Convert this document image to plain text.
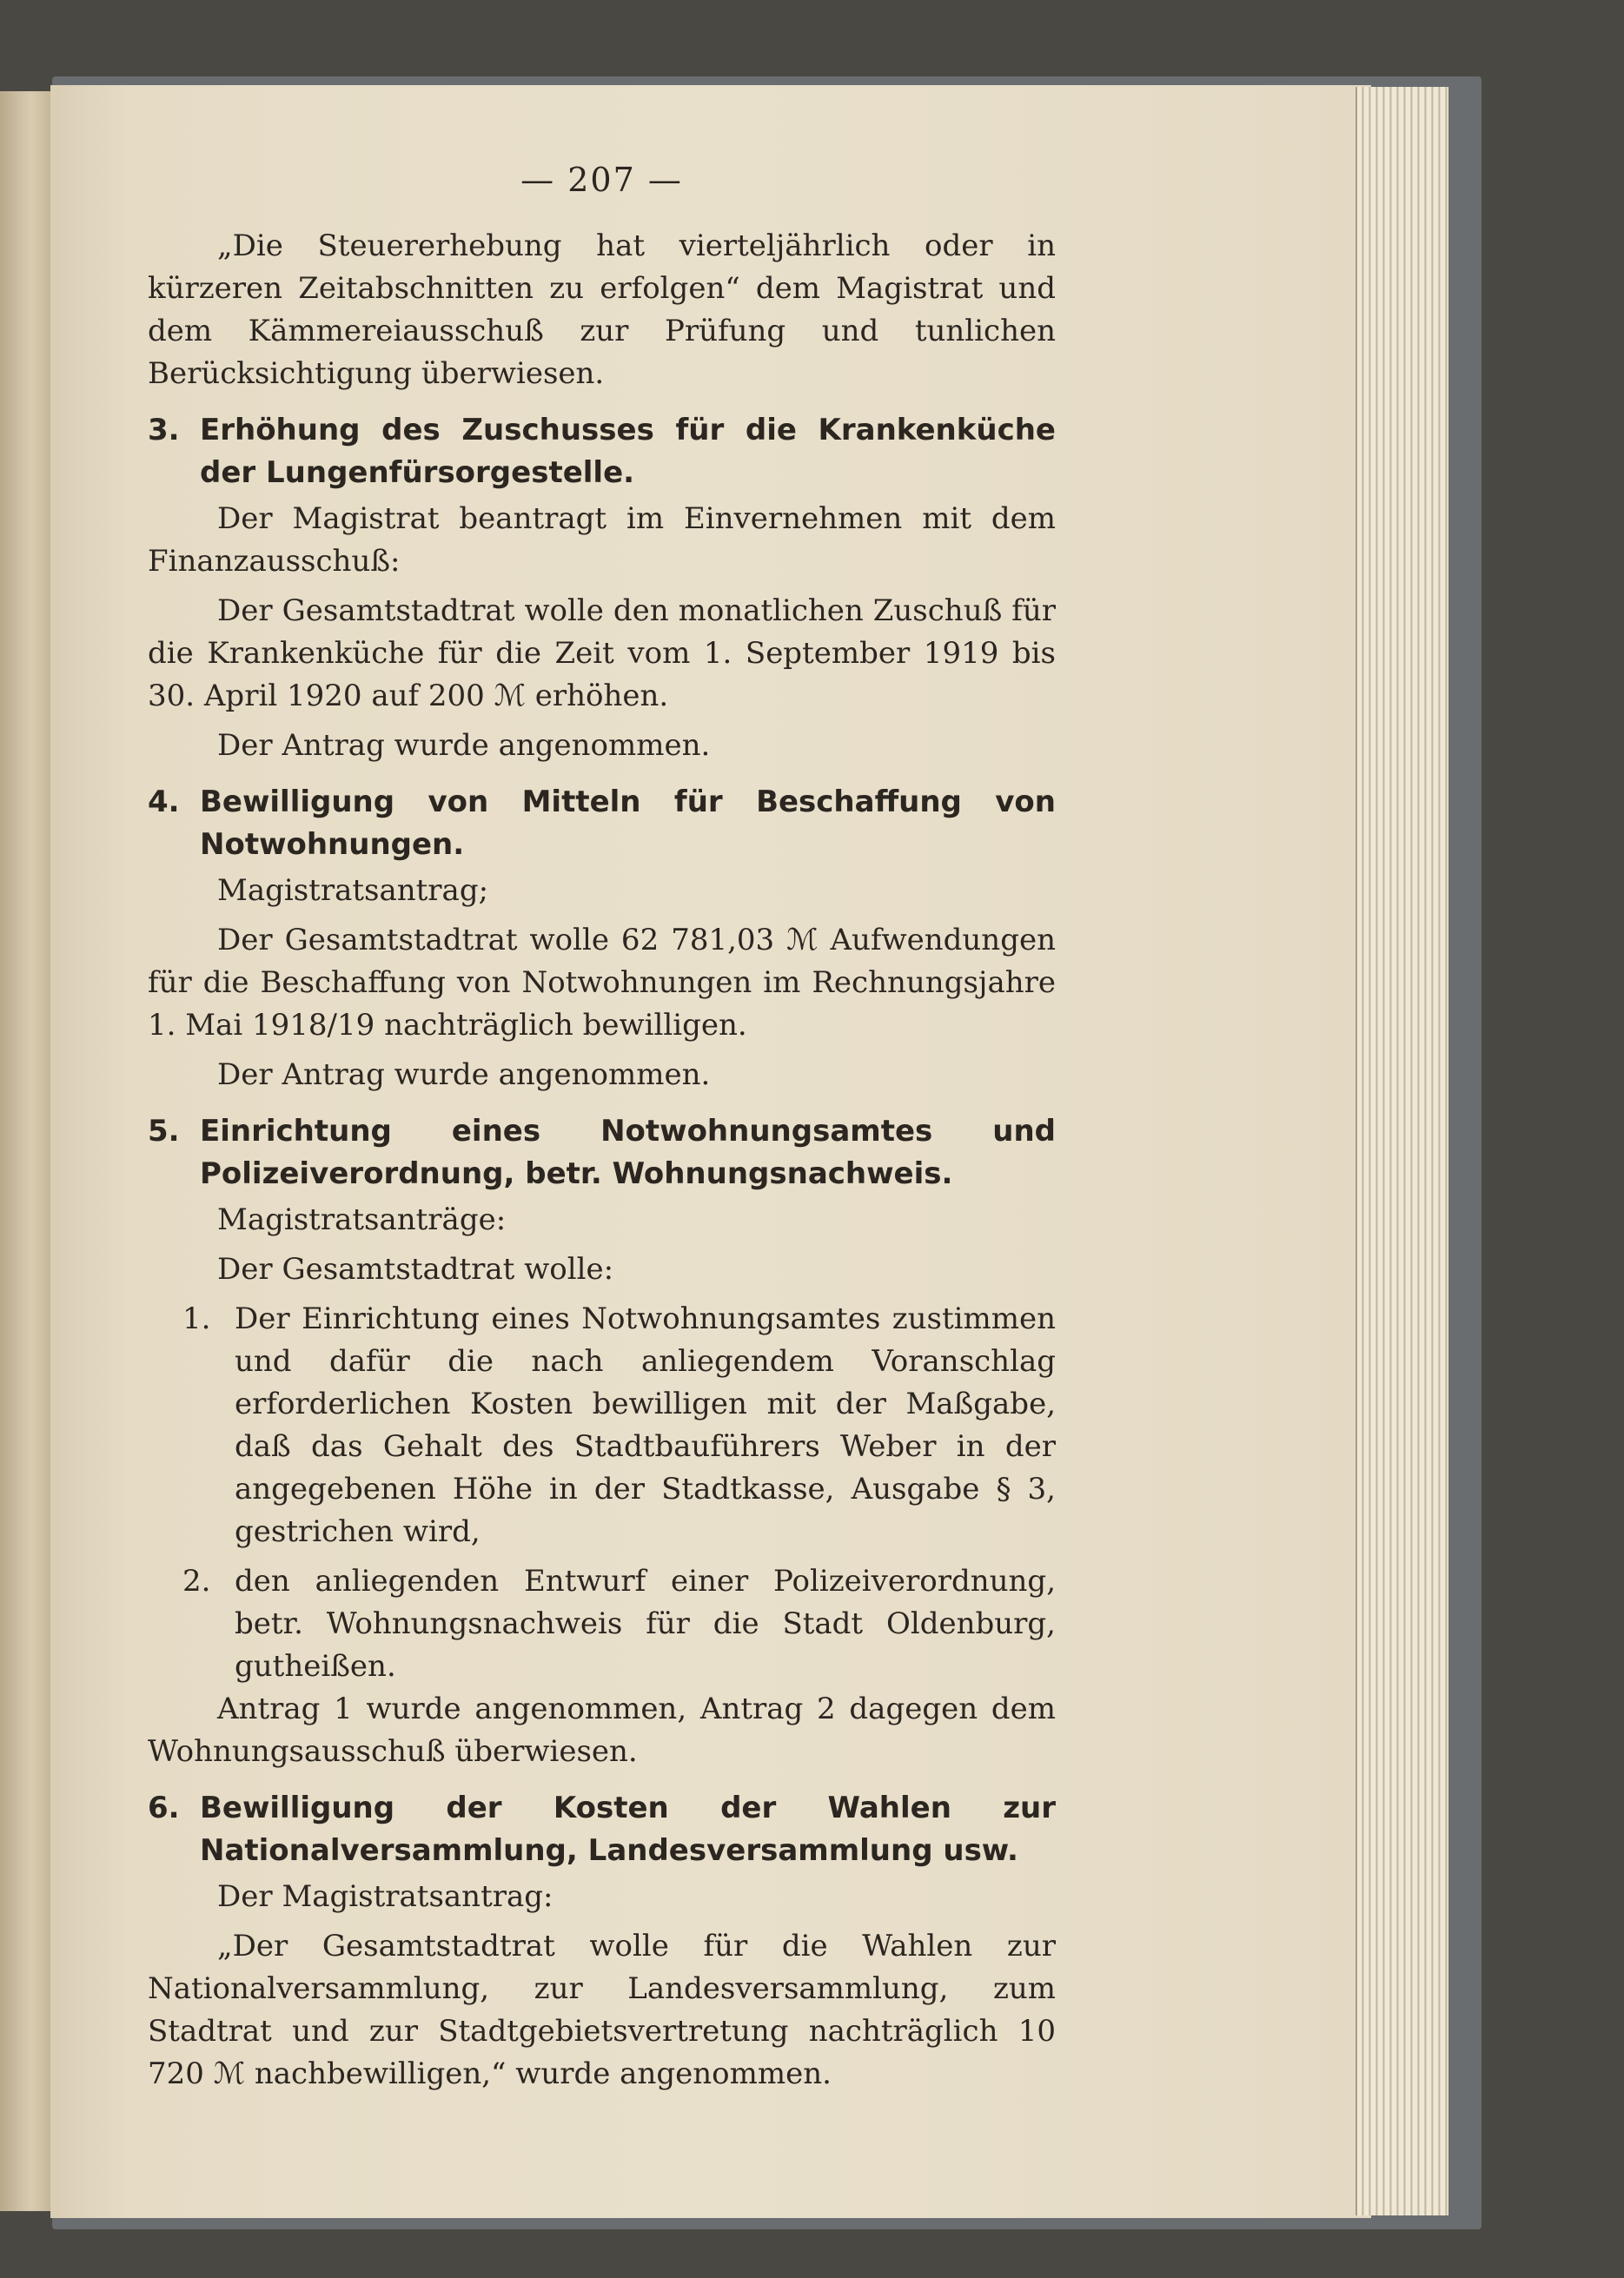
— 207 —

„Die Steuererhebung hat vierteljährlich oder in kürzeren Zeitabschnitten zu erfolgen“ dem Magistrat und dem Kämmereiausschuß zur Prüfung und tunlichen Berücksichtigung überwiesen.

3. Erhöhung des Zuschusses für die Krankenküche der Lungenfürsorgestelle.

Der Magistrat beantragt im Einvernehmen mit dem Finanzausschuß:

Der Gesamtstadtrat wolle den monatlichen Zuschuß für die Krankenküche für die Zeit vom 1. September 1919 bis 30. April 1920 auf 200 ℳ erhöhen.

Der Antrag wurde angenommen.

4. Bewilligung von Mitteln für Beschaffung von Notwohnungen.

Magistratsantrag;

Der Gesamtstadtrat wolle 62 781,03 ℳ Aufwendungen für die Beschaffung von Notwohnungen im Rechnungsjahre 1. Mai 1918/19 nachträglich bewilligen.

Der Antrag wurde angenommen.

5. Einrichtung eines Notwohnungsamtes und Polizeiverordnung, betr. Wohnungsnachweis.

Magistratsanträge:

Der Gesamtstadtrat wolle:

1. Der Einrichtung eines Notwohnungsamtes zustimmen und dafür die nach anliegendem Voranschlag erforderlichen Kosten bewilligen mit der Maßgabe, daß das Gehalt des Stadtbauführers Weber in der angegebenen Höhe in der Stadtkasse, Ausgabe § 3, gestrichen wird,
2. den anliegenden Entwurf einer Polizeiverordnung, betr. Wohnungsnachweis für die Stadt Oldenburg, gutheißen.

Antrag 1 wurde angenommen, Antrag 2 dagegen dem Wohnungsausschuß überwiesen.

6. Bewilligung der Kosten der Wahlen zur Nationalversammlung, Landesversammlung usw.

Der Magistratsantrag:

„Der Gesamtstadtrat wolle für die Wahlen zur Nationalversammlung, zur Landesversammlung, zum Stadtrat und zur Stadtgebietsvertretung nachträglich 10 720 ℳ nachbewilligen,“ wurde angenommen.
